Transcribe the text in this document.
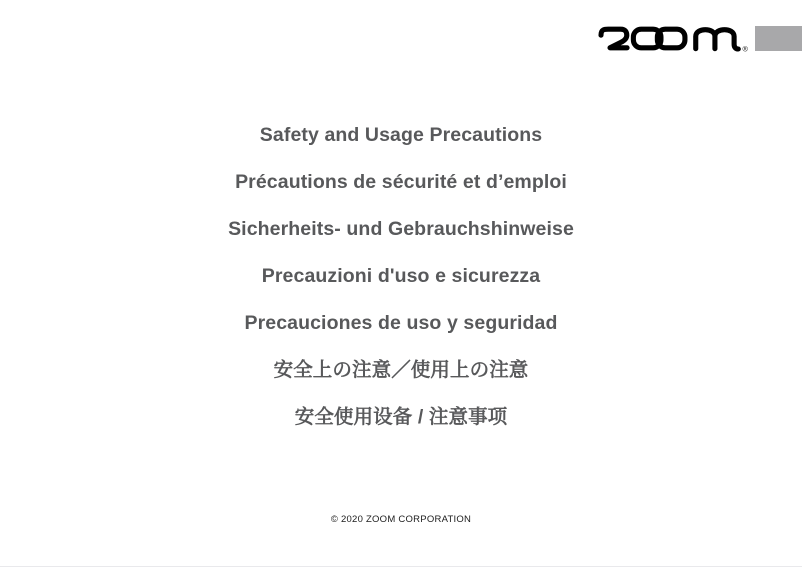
®
Safety and Usage Precautions
Précautions de sécurité et d’emploi
Sicherheits- und Gebrauchshinweise
Precauzioni d'uso e sicurezza
Precauciones de uso y seguridad
安全上の注意／使用上の注意
安全使用设备 / 注意事项
© 2020 ZOOM CORPORATION
